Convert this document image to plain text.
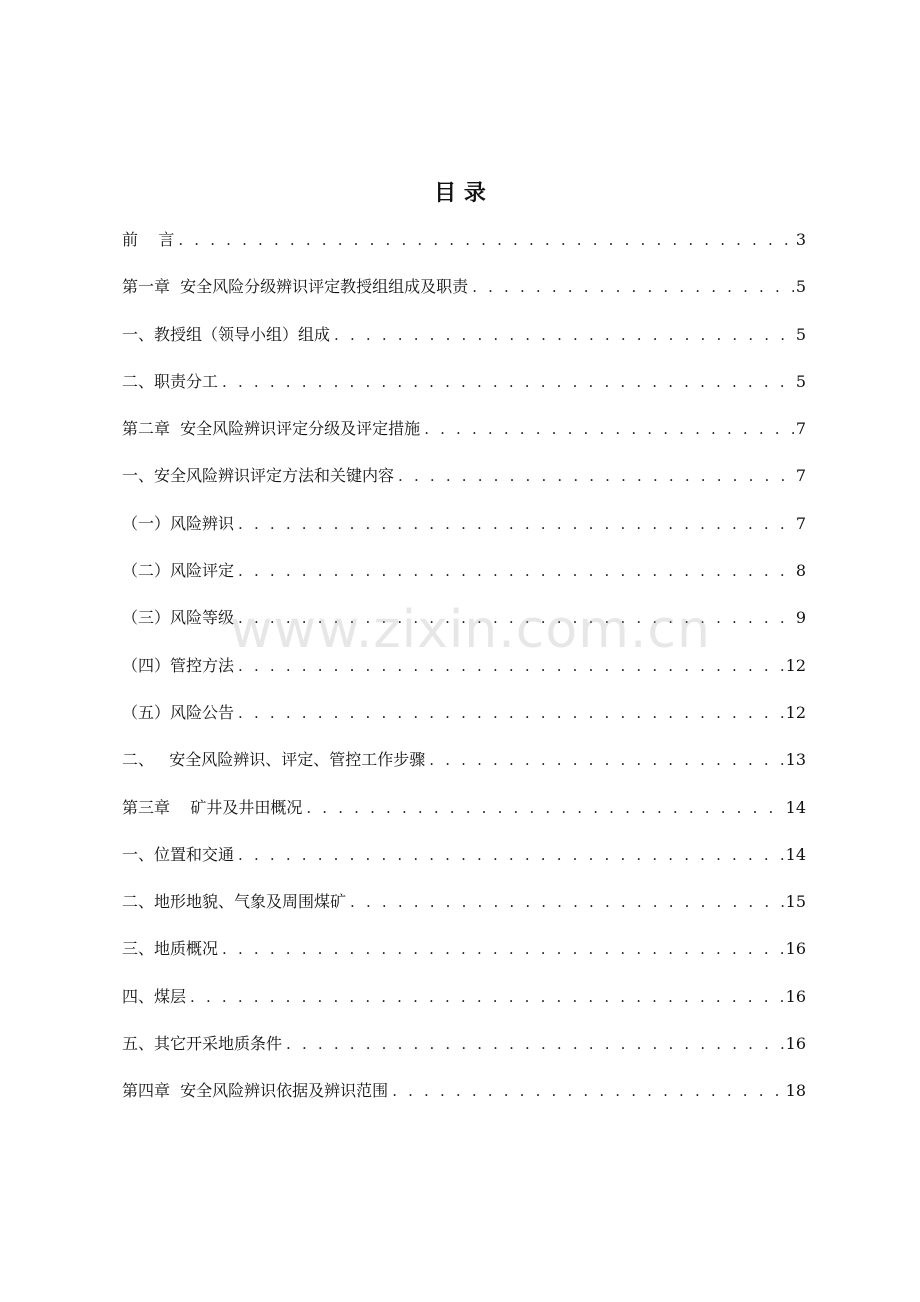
目 录
前    言 . . .	3
第一章  安全风险分级辨识评定教授组组成及职责 . . .	5
一、教授组（领导小组）组成 . . .	5
二、职责分工 . . .	5
第二章  安全风险辨识评定分级及评定措施 . . .	7
一、安全风险辨识评定方法和关键内容 . . .	7
（一）风险辨识 . . .	7
（二）风险评定 . . .	8
（三）风险等级 . . .	9
（四）管控方法 . . .	12
（五）风险公告 . . .	12
二、   安全风险辨识、评定、管控工作步骤 . . .	13
第三章    矿井及井田概况 . . .	14
一、位置和交通 . . .	14
二、地形地貌、气象及周围煤矿 . . .	15
三、地质概况 . . .	16
四、煤层 . . .	16
五、其它开采地质条件 . . .	16
第四章  安全风险辨识依据及辨识范围 . . .	18
www.zixin.com.cn
